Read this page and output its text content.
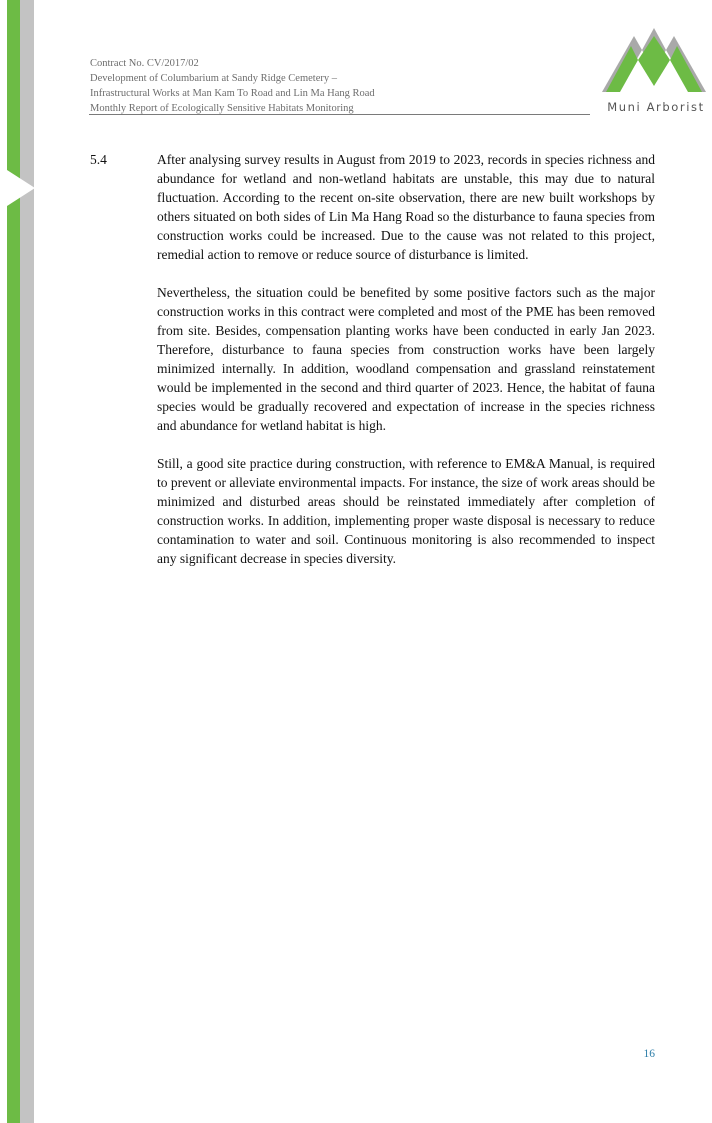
Contract No. CV/2017/02
Development of Columbarium at Sandy Ridge Cemetery –
Infrastructural Works at Man Kam To Road and Lin Ma Hang Road
Monthly Report of Ecologically Sensitive Habitats Monitoring	Muni Arborist
5.4	After analysing survey results in August from 2019 to 2023, records in species richness and abundance for wetland and non-wetland habitats are unstable, this may due to natural fluctuation. According to the recent on-site observation, there are new built workshops by others situated on both sides of Lin Ma Hang Road so the disturbance to fauna species from construction works could be increased. Due to the cause was not related to this project, remedial action to remove or reduce source of disturbance is limited.

Nevertheless, the situation could be benefited by some positive factors such as the major construction works in this contract were completed and most of the PME has been removed from site. Besides, compensation planting works have been conducted in early Jan 2023. Therefore, disturbance to fauna species from construction works have been largely minimized internally. In addition, woodland compensation and grassland reinstatement would be implemented in the second and third quarter of 2023. Hence, the habitat of fauna species would be gradually recovered and expectation of increase in the species richness and abundance for wetland habitat is high.

Still, a good site practice during construction, with reference to EM&A Manual, is required to prevent or alleviate environmental impacts. For instance, the size of work areas should be minimized and disturbed areas should be reinstated immediately after completion of construction works. In addition, implementing proper waste disposal is necessary to reduce contamination to water and soil. Continuous monitoring is also recommended to inspect any significant decrease in species diversity.

16
